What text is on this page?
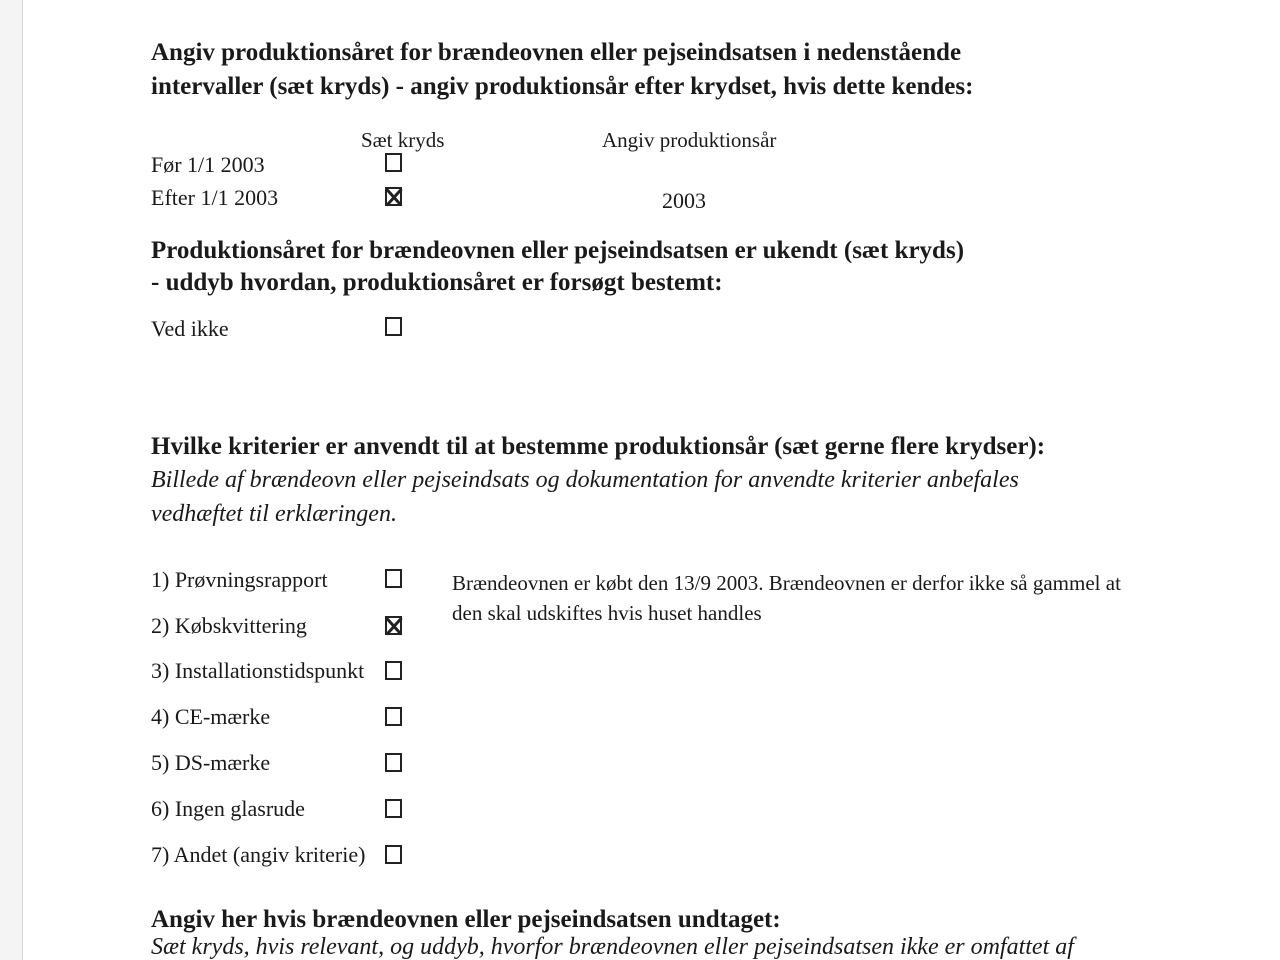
Angiv produktionsåret for brændeovnen eller pejseindsatsen i nedenstående
intervaller (sæt kryds) - angiv produktionsår efter krydset, hvis dette kendes:
Sæt kryds	Angiv produktionsår
Før 1/1 2003
Efter 1/1 2003	2003
Produktionsåret for brændeovnen eller pejseindsatsen er ukendt (sæt kryds)
- uddyb hvordan, produktionsåret er forsøgt bestemt:
Ved ikke
Hvilke kriterier er anvendt til at bestemme produktionsår (sæt gerne flere krydser):
Billede af brændeovn eller pejseindsats og dokumentation for anvendte kriterier anbefales
vedhæftet til erklæringen.
1) Prøvningsrapport
2) Købskvittering
3) Installationstidspunkt
4) CE-mærke
5) DS-mærke
6) Ingen glasrude
7) Andet (angiv kriterie)
Brændeovnen er købt den 13/9 2003. Brændeovnen er derfor ikke så gammel at den skal udskiftes hvis huset handles
Angiv her hvis brændeovnen eller pejseindsatsen undtaget:
Sæt kryds, hvis relevant, og uddyb, hvorfor brændeovnen eller pejseindsatsen ikke er omfattet af
